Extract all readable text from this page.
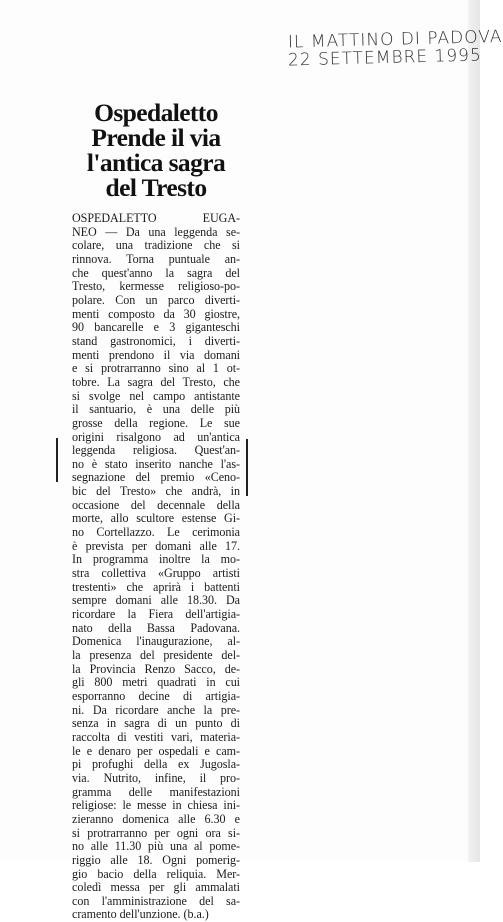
IL MATTINO DI PADOVA
22 SETTEMBRE 1995
Ospedaletto
Prende il via
l'antica sagra
del Tresto
OSPEDALETTO EUGA-
NEO — Da una leggenda se-
colare, una tradizione che si
rinnova. Torna puntuale an-
che quest'anno la sagra del
Tresto, kermesse religioso-po-
polare. Con un parco diverti-
menti composto da 30 giostre,
90 bancarelle e 3 giganteschi
stand gastronomici, i diverti-
menti prendono il via domani
e si protrarranno sino al 1 ot-
tobre. La sagra del Tresto, che
si svolge nel campo antistante
il santuario, è una delle più
grosse della regione. Le sue
origini risalgono ad un'antica
leggenda religiosa. Quest'an-
no è stato inserito nanche l'as-
segnazione del premio «Ceno-
bic del Tresto» che andrà, in
occasione del decennale della
morte, allo scultore estense Gi-
no Cortellazzo. Le cerimonia
è prevista per domani alle 17.
In programma inoltre la mo-
stra collettiva «Gruppo artisti
trestenti» che aprirà i battenti
sempre domani alle 18.30. Da
ricordare la Fiera dell'artigia-
nato della Bassa Padovana.
Domenica l'inaugurazione, al-
la presenza del presidente del-
la Provincia Renzo Sacco, de-
gli 800 metri quadrati in cui
esporranno decine di artigia-
ni. Da ricordare anche la pre-
senza in sagra di un punto di
raccolta di vestiti vari, materia-
le e denaro per ospedali e cam-
pi profughi della ex Jugosla-
via. Nutrito, infine, il pro-
gramma delle manifestazioni
religiose: le messe in chiesa ini-
zieranno domenica alle 6.30 e
si protrarranno per ogni ora si-
no alle 11.30 più una al pome-
riggio alle 18. Ogni pomerig-
gio bacio della reliquia. Mer-
coledì messa per gli ammalati
con l'amministrazione del sa-
cramento dell'unzione. (b.a.)
